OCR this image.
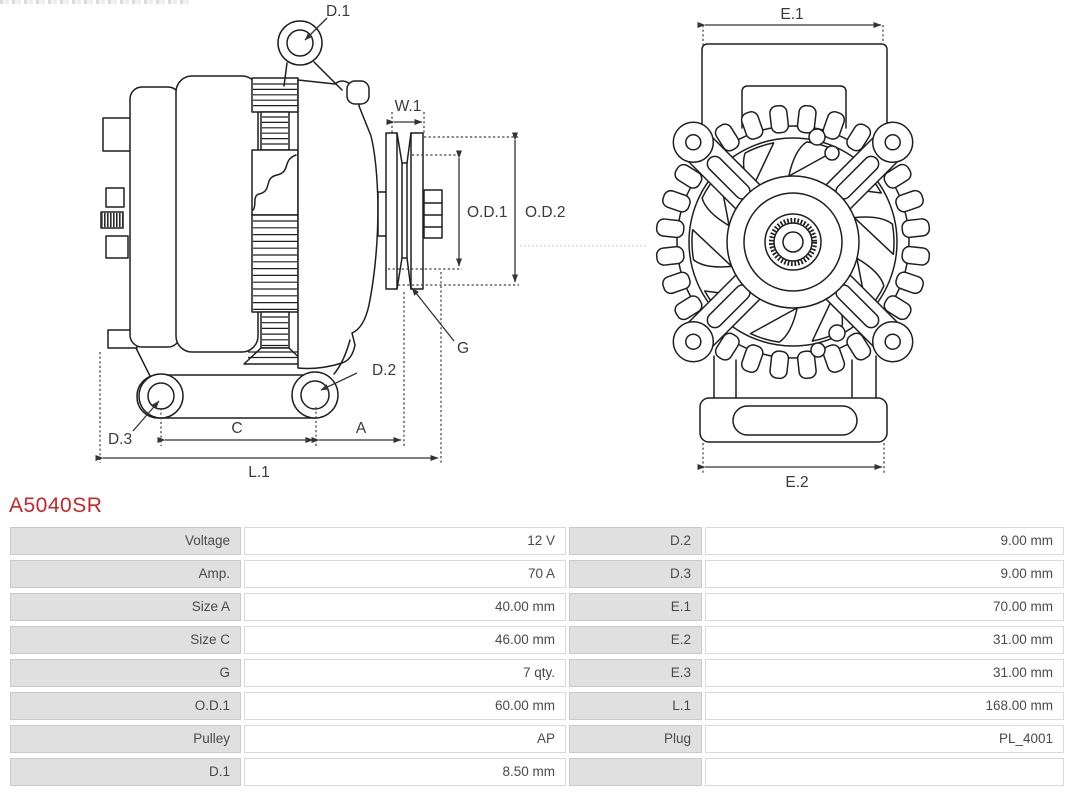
D.1
W.1
O.D.1 O.D.2
G
D.2
D.3
C	A
L.1
E.1
E.2
A5040SR
Voltage	12 V	D.2	9.00 mm
Amp.	70 A	D.3	9.00 mm
Size A	40.00 mm	E.1	70.00 mm
Size C	46.00 mm	E.2	31.00 mm
G	7 qty.	E.3	31.00 mm
O.D.1	60.00 mm	L.1	168.00 mm
Pulley	AP	Plug	PL_4001
D.1	8.50 mm
